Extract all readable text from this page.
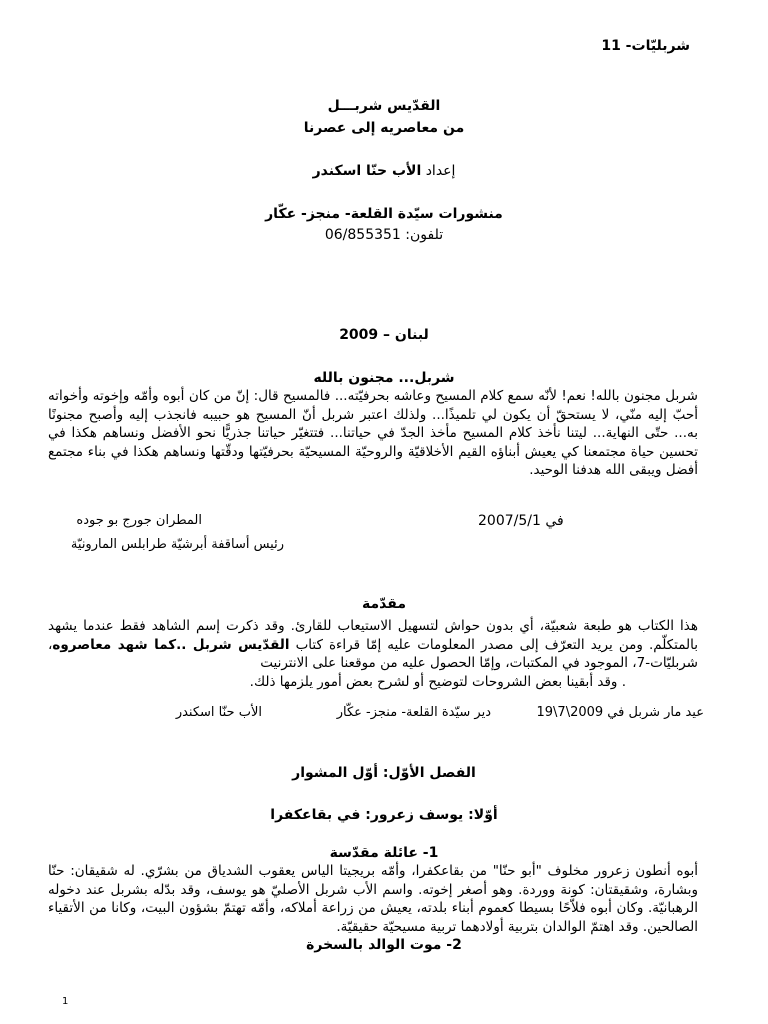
شربليّات- 11
القدّيس شربـــل
من معاصريه إلى عصرنا
إعداد الأب حنّا اسكندر
منشورات سيّدة القلعة- منجز- عكّار
تلفون: 06/855351
لبنان – 2009
شربل... مجنون بالله

شربل مجنون بالله! نعم! لأنّه سمع كلام المسيح وعاشه بحرفيّته... فالمسيح قال: إنّ من كان أبوه وأمّه وإخوته وأخواته أحبّ إليه منّي، لا يستحقّ أن يكون لي تلميذًا... ولذلك اعتبر شربل أنّ المسيح هو حبيبه فانجذب إليه وأصبح مجنونًا به... حتّى النهاية... ليتنا نأخذ كلام المسيح مأخذ الجدّ في حياتنا... فتتغيّر حياتنا جذريًّا نحو الأفضل ونساهم هكذا في تحسين حياة مجتمعنا كي يعيش أبناؤه القيم الأخلاقيّة والروحيّة المسيحيّة بحرفيّتها ودقّتها ونساهم هكذا في بناء مجتمع أفضل ويبقى الله هدفنا الوحيد.

في 2007/5/1
المطران جورج بو جوده
رئيس أساقفة أبرشيّة طرابلس المارونيّة
مقدّمة

هذا الكتاب هو طبعة شعبيّة، أي بدون حواش لتسهيل الاستيعاب للقارئ. وقد ذكرت إسم الشاهد فقط عندما يشهد بالمتكلّم. ومن يريد التعرّف إلى مصدر المعلومات عليه إمّا قراءة كتاب القدّيس شربل ..كما شهد معاصروه، شربليّات-7، الموجود في المكتبات، وإمّا الحصول عليه من موقعنا على الانترنيت

. وقد أبقينا بعض الشروحات لتوضيح أو لشرح بعض أمور يلزمها ذلك.

عيد مار شربل في 2009\7\19
دير سيّدة القلعة- منجز- عكّار
الأب حنّا اسكندر
الفصل الأوّل: أوّل المشوار
أوّلا: يوسف زعرور: في بقاعكفرا
1- عائلة مقدّسة

أبوه أنطون زعرور مخلوف "أبو حنّا" من بقاعكفرا، وأمّه بريجيتا الياس يعقوب الشدياق من بشرّي. له شقيقان: حنّا وبشارة، وشقيقتان: كونة ووردة. وهو أصغر إخوته. واسم الأب شربل الأصليّ هو يوسف، وقد بدّله بشربل عند دخوله الرهبانيّة. وكان أبوه فلاّحًا بسيطا كعموم أبناء بلدته، يعيش من زراعة أملاكه، وأمّه تهتمّ بشؤون البيت، وكانا من الأتقياء الصالحين. وقد اهتمّ الوالدان بتربية أولادهما تربية مسيحيّة حقيقيّة.

2- موت الوالد بالسخرة
1
